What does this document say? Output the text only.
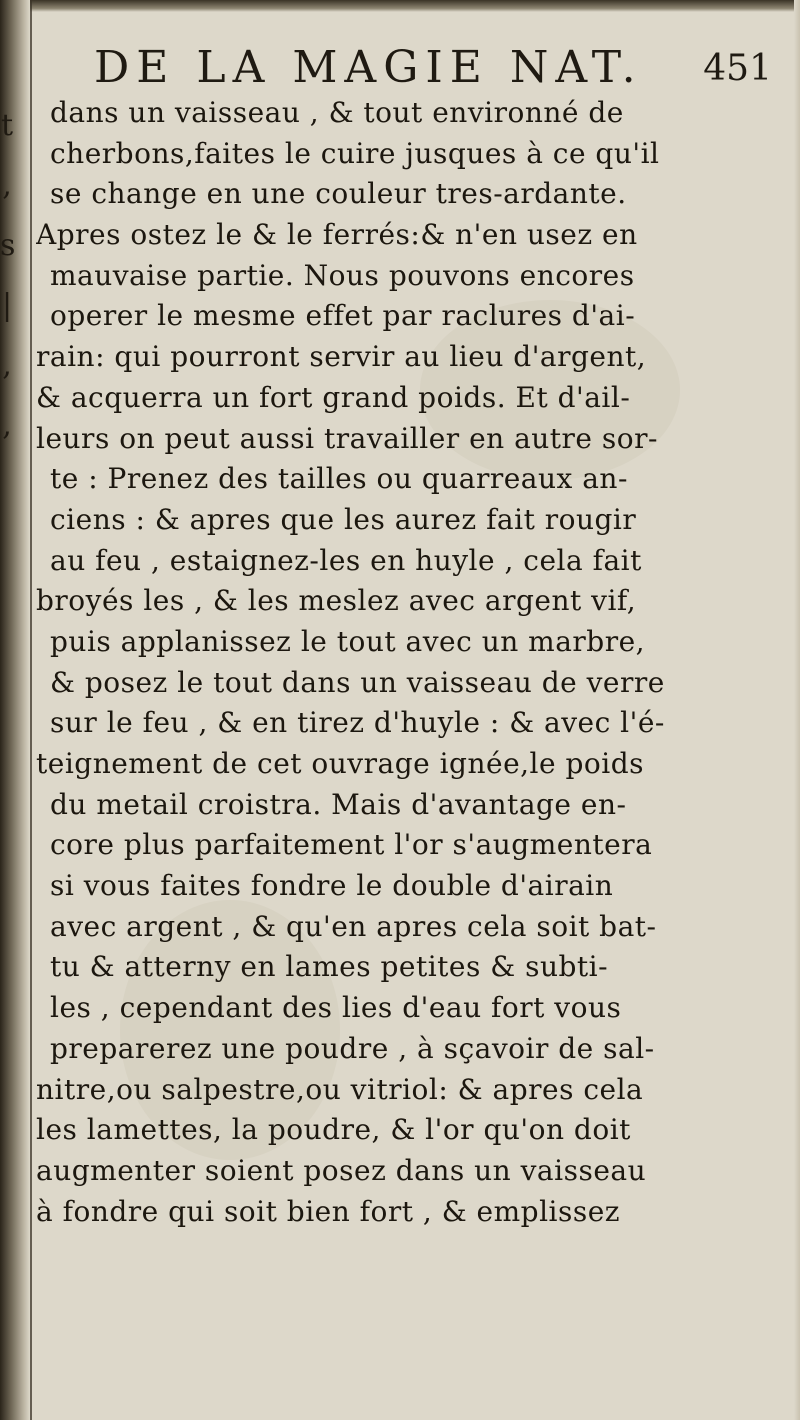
t
,
s
|
,
,
DE LA MAGIE NAT. 451
dans un vaisseau , & tout environné de
cherbons,faites le cuire jusques à ce qu'il
se change en une couleur tres-ardante.
Apres ostez le & le ferrés:& n'en usez en
mauvaise partie. Nous pouvons encores
operer le mesme effet par raclures d'ai-
rain: qui pourront servir au lieu d'argent,
& acquerra un fort grand poids. Et d'ail-
leurs on peut aussi travailler en autre sor-
te : Prenez des tailles ou quarreaux an-
ciens : & apres que les aurez fait rougir
au feu , estaignez-les en huyle , cela fait
broyés les , & les meslez avec argent vif,
puis applanissez le tout avec un marbre,
& posez le tout dans un vaisseau de verre
sur le feu , & en tirez d'huyle : & avec l'é-
teignement de cet ouvrage ignée,le poids
du metail croistra. Mais d'avantage en-
core plus parfaitement l'or s'augmentera
si vous faites fondre le double d'airain
avec argent , & qu'en apres cela soit bat-
tu & atterny en lames petites & subti-
les , cependant des lies d'eau fort vous
preparerez une poudre , à sçavoir de sal-
nitre,ou salpestre,ou vitriol: & apres cela
les lamettes, la poudre, & l'or qu'on doit
augmenter soient posez dans un vaisseau
à fondre qui soit bien fort , & emplissez
